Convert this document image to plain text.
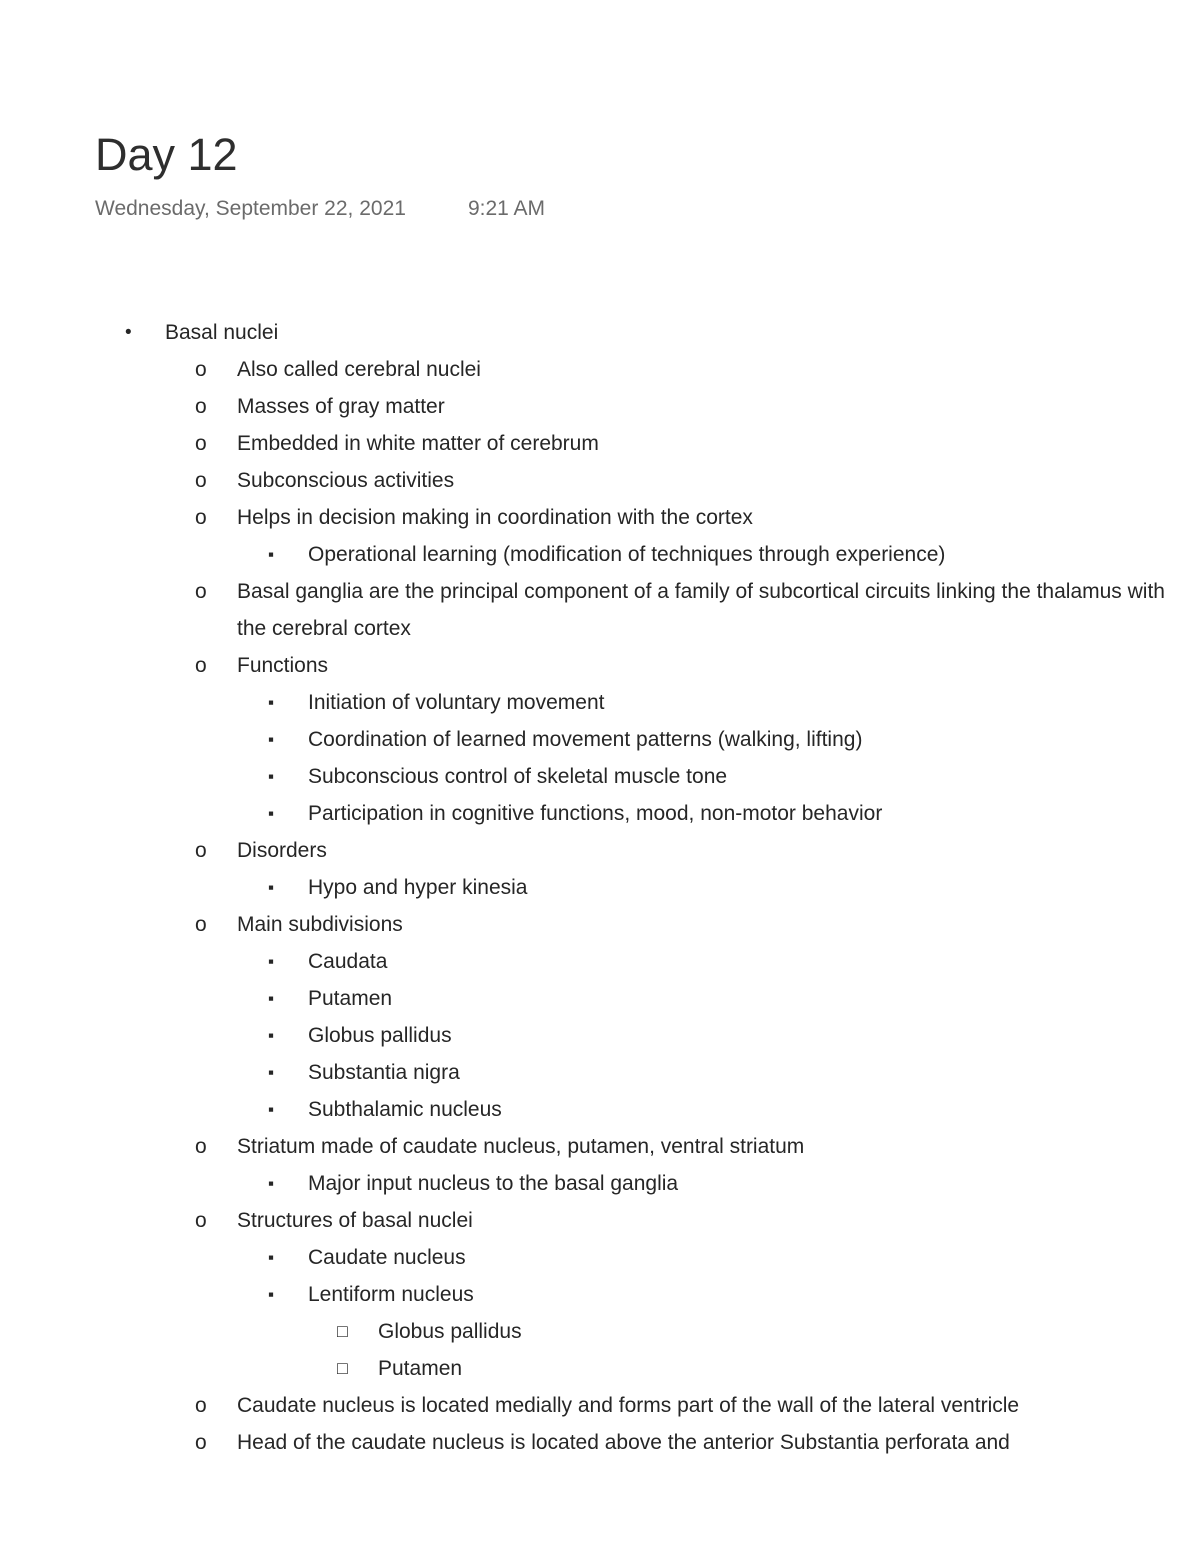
Day 12
Wednesday, September 22, 2021	9:21 AM
•	Basal nuclei
o	Also called cerebral nuclei
o	Masses of gray matter
o	Embedded in white matter of cerebrum
o	Subconscious activities
o	Helps in decision making in coordination with the cortex
▪	Operational learning (modification of techniques through experience)
o	Basal ganglia are the principal component of a family of subcortical circuits linking the thalamus with the cerebral cortex
o	Functions
▪	Initiation of voluntary movement
▪	Coordination of learned movement patterns (walking, lifting)
▪	Subconscious control of skeletal muscle tone
▪	Participation in cognitive functions, mood, non-motor behavior
o	Disorders
▪	Hypo and hyper kinesia
o	Main subdivisions
▪	Caudata
▪	Putamen
▪	Globus pallidus
▪	Substantia nigra
▪	Subthalamic nucleus
o	Striatum made of caudate nucleus, putamen, ventral striatum
▪	Major input nucleus to the basal ganglia
o	Structures of basal nuclei
▪	Caudate nucleus
▪	Lentiform nucleus
□	Globus pallidus
□	Putamen
o	Caudate nucleus is located medially and forms part of the wall of the lateral ventricle
o	Head of the caudate nucleus is located above the anterior Substantia perforata and
